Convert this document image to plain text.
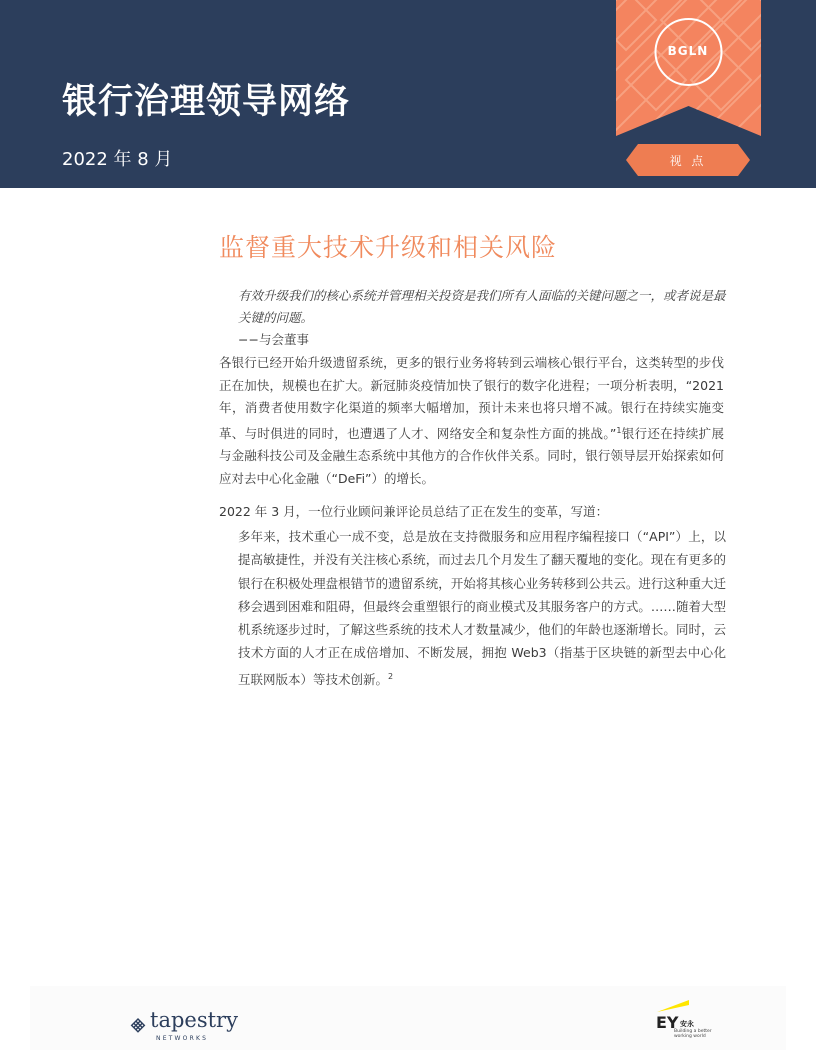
银行治理领导网络
2022 年 8 月
BGLN
视 点
监督重大技术升级和相关风险
有效升级我们的核心系统并管理相关投资是我们所有人面临的关键问题之一，或者说是最关键的问题。
−−与会董事
各银行已经开始升级遗留系统，更多的银行业务将转到云端核心银行平台，这类转型的步伐正在加快，规模也在扩大。新冠肺炎疫情加快了银行的数字化进程；一项分析表明，“2021 年，消费者使用数字化渠道的频率大幅增加，预计未来也将只增不减。银行在持续实施变革、与时俱进的同时，也遭遇了人才、网络安全和复杂性方面的挑战。”$^1$银行还在持续扩展与金融科技公司及金融生态系统中其他方的合作伙伴关系。同时，银行领导层开始探索如何应对去中心化金融（“DeFi”）的增长。
2022 年 3 月，一位行业顾问兼评论员总结了正在发生的变革，写道：
多年来，技术重心一成不变，总是放在支持微服务和应用程序编程接口（“API”）上，以提高敏捷性，并没有关注核心系统，而过去几个月发生了翻天覆地的变化。现在有更多的银行在积极处理盘根错节的遗留系统，开始将其核心业务转移到公共云。进行这种重大迁移会遇到困难和阻碍，但最终会重塑银行的商业模式及其服务客户的方式。……随着大型机系统逐步过时，了解这些系统的技术人才数量减少，他们的年龄也逐渐增长。同时，云技术方面的人才正在成倍增加、不断发展，拥抱 Web3（指基于区块链的新型去中心化互联网版本）等技术创新。$^2$
tapestry
NETWORKS
EY 安永
Building a better working world
